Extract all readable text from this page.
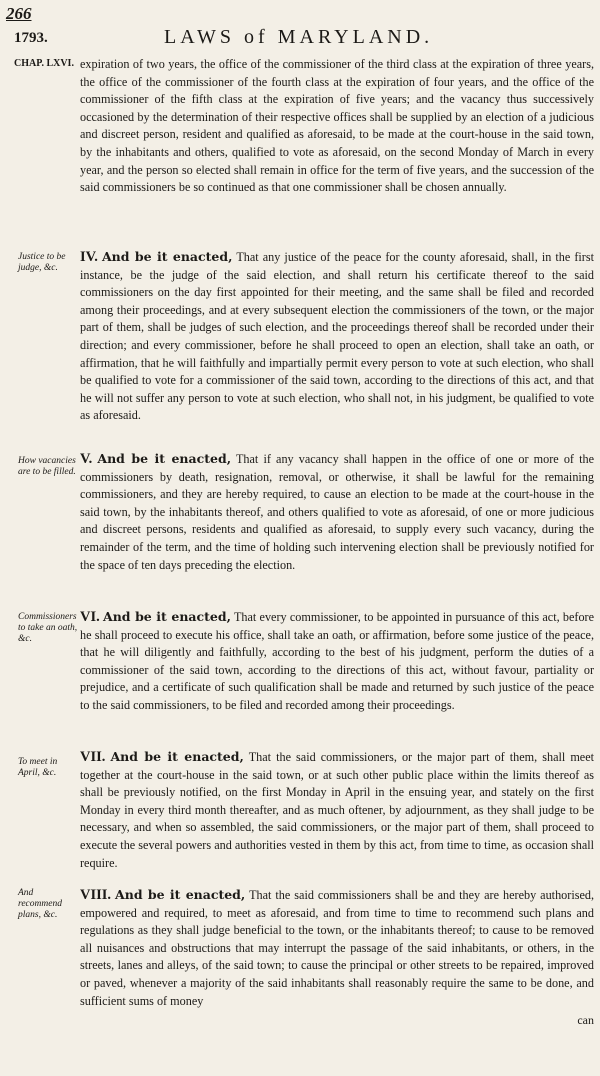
266
1793.	LAWS of MARYLAND.
CHAP. LXVI.
Justice to be judge, &c.
How vacancies are to be filled.
Commissioners to take an oath, &c.
To meet in April, &c.
And recommend plans, &c.

expiration of two years, the office of the commissioner of the third class at the expiration of three years, the office of the commissioner of the fourth class at the expiration of four years, and the office of the commissioner of the fifth class at the expiration of five years; and the vacancy thus successively occasioned by the determination of their respective offices shall be supplied by an election of a judicious and discreet person, resident and qualified as aforesaid, to be made at the court-house in the said town, by the inhabitants and others, qualified to vote as aforesaid, on the second Monday of March in every year, and the person so elected shall remain in office for the term of five years, and the succession of the said commissioners be so continued as that one commissioner shall be chosen annually.

IV. And be it enacted, That any justice of the peace for the county aforesaid, shall, in the first instance, be the judge of the said election, and shall return his certificate thereof to the said commissioners on the day first appointed for their meeting, and the same shall be filed and recorded among their proceedings, and at every subsequent election the commissioners of the town, or the major part of them, shall be judges of such election, and the proceedings thereof shall be recorded under their direction; and every commissioner, before he shall proceed to open an election, shall take an oath, or affirmation, that he will faithfully and impartially permit every person to vote at such election, who shall be qualified to vote for a commissioner of the said town, according to the directions of this act, and that he will not suffer any person to vote at such election, who shall not, in his judgment, be qualified to vote as aforesaid.

V. And be it enacted, That if any vacancy shall happen in the office of one or more of the commissioners by death, resignation, removal, or otherwise, it shall be lawful for the remaining commissioners, and they are hereby required, to cause an election to be made at the court-house in the said town, by the inhabitants thereof, and others qualified to vote as aforesaid, of one or more judicious and discreet persons, residents and qualified as aforesaid, to supply every such vacancy, during the remainder of the term, and the time of holding such intervening election shall be previously notified for the space of ten days preceding the election.

VI. And be it enacted, That every commissioner, to be appointed in pursuance of this act, before he shall proceed to execute his office, shall take an oath, or affirmation, before some justice of the peace, that he will diligently and faithfully, according to the best of his judgment, perform the duties of a commissioner of the said town, according to the directions of this act, without favour, partiality or prejudice, and a certificate of such qualification shall be made and returned by such justice of the peace to the said commissioners, to be filed and recorded among their proceedings.

VII. And be it enacted, That the said commissioners, or the major part of them, shall meet together at the court-house in the said town, or at such other public place within the limits thereof as shall be previously notified, on the first Monday in April in the ensuing year, and stately on the first Monday in every third month thereafter, and as much oftener, by adjournment, as they shall judge to be necessary, and when so assembled, the said commissioners, or the major part of them, shall proceed to execute the several powers and authorities vested in them by this act, from time to time, as occasion shall require.

VIII. And be it enacted, That the said commissioners shall be and they are hereby authorised, empowered and required, to meet as aforesaid, and from time to time to recommend such plans and regulations as they shall judge beneficial to the town, or the inhabitants thereof; to cause to be removed all nuisances and obstructions that may interrupt the passage of the said inhabitants, or others, in the streets, lanes and alleys, of the said town; to cause the principal or other streets to be repaired, improved or paved, whenever a majority of the said inhabitants shall reasonably require the same to be done, and sufficient sums of money

can
